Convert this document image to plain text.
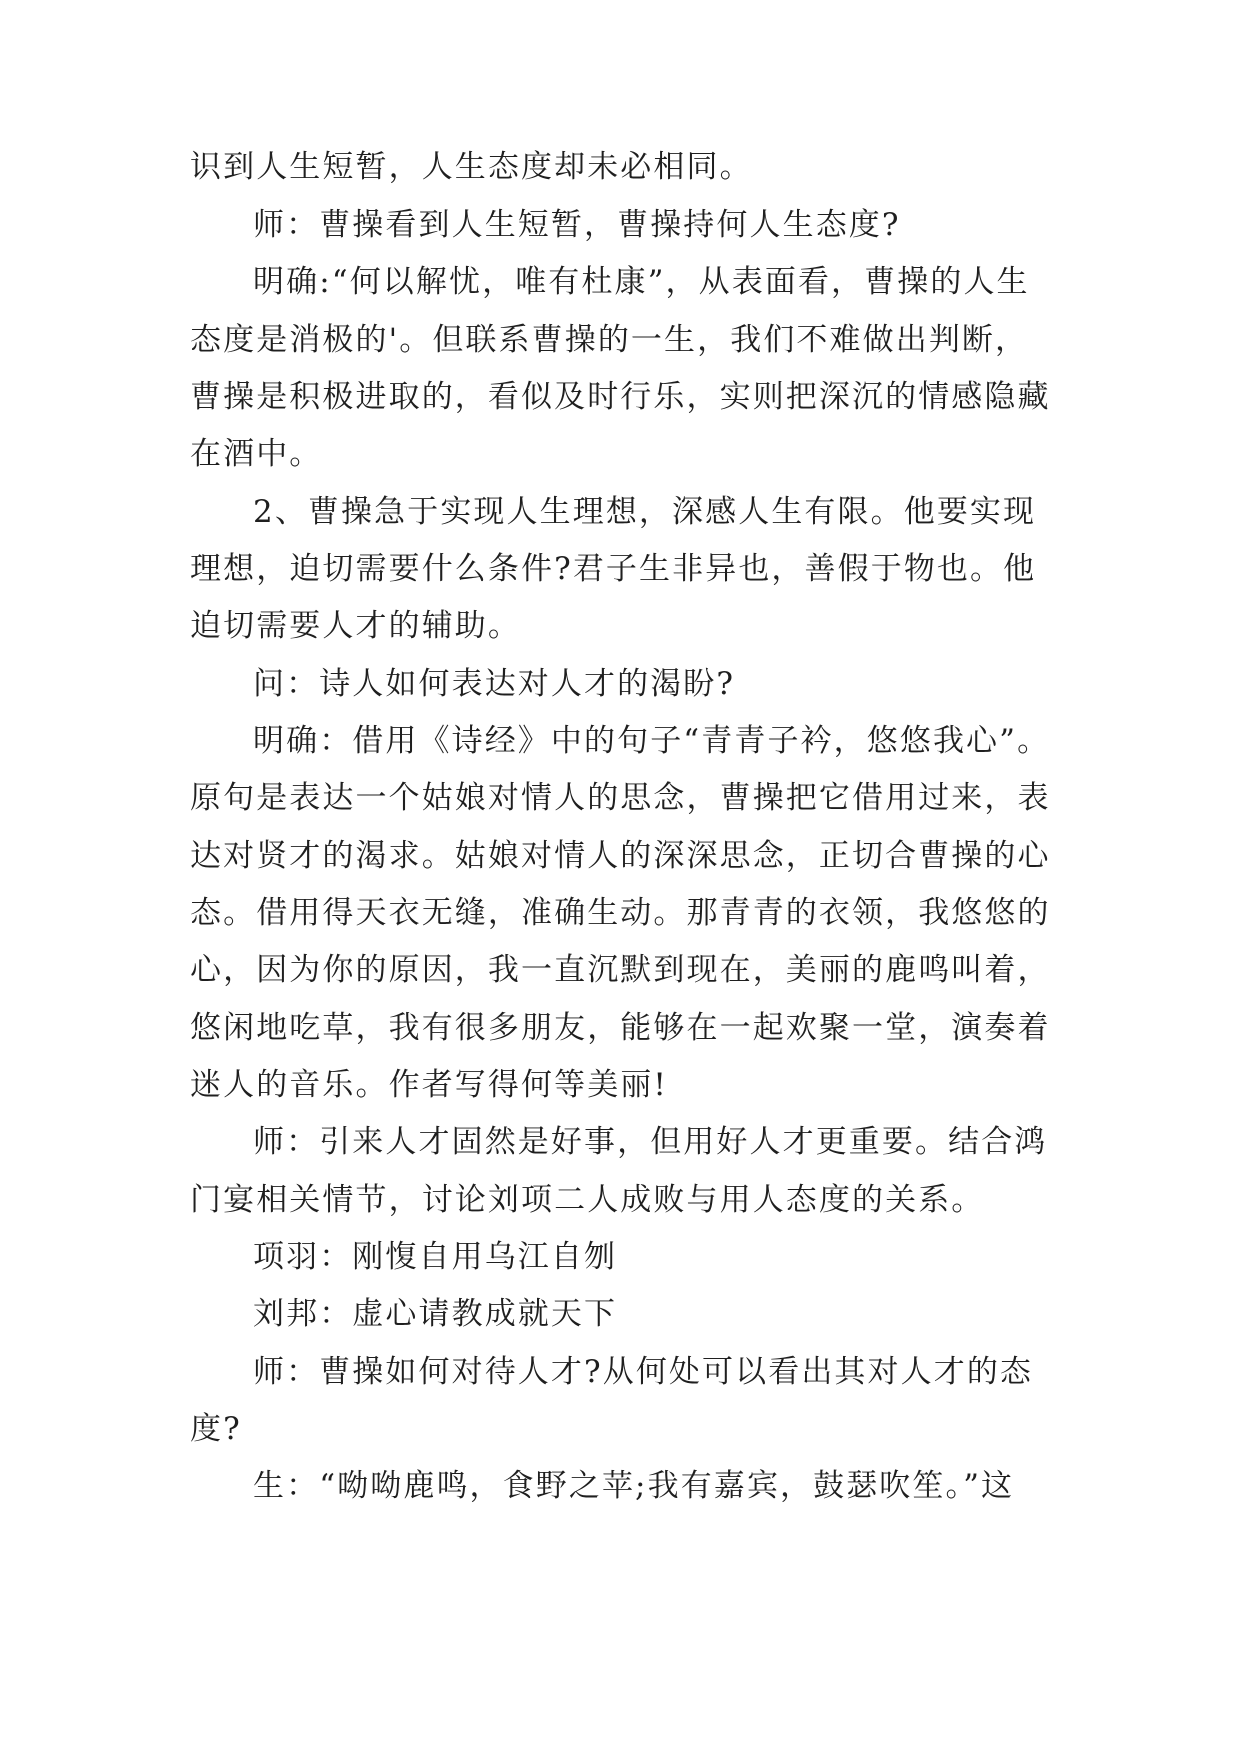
识到人生短暂，人生态度却未必相同。

师：曹操看到人生短暂，曹操持何人生态度?

明确:“何以解忧，唯有杜康”，从表面看，曹操的人生

态度是消极的'。但联系曹操的一生，我们不难做出判断，

曹操是积极进取的，看似及时行乐，实则把深沉的情感隐藏

在酒中。

2、曹操急于实现人生理想，深感人生有限。他要实现

理想，迫切需要什么条件?君子生非异也，善假于物也。他

迫切需要人才的辅助。

问：诗人如何表达对人才的渴盼?

明确：借用《诗经》中的句子“青青子衿，悠悠我心”。

原句是表达一个姑娘对情人的思念，曹操把它借用过来，表

达对贤才的渴求。姑娘对情人的深深思念，正切合曹操的心

态。借用得天衣无缝，准确生动。那青青的衣领，我悠悠的

心，因为你的原因，我一直沉默到现在，美丽的鹿鸣叫着，

悠闲地吃草，我有很多朋友，能够在一起欢聚一堂，演奏着

迷人的音乐。作者写得何等美丽!

师：引来人才固然是好事，但用好人才更重要。结合鸿

门宴相关情节，讨论刘项二人成败与用人态度的关系。

项羽：刚愎自用乌江自刎

刘邦：虚心请教成就天下

师：曹操如何对待人才?从何处可以看出其对人才的态

度?

生：“呦呦鹿鸣，食野之苹;我有嘉宾，鼓瑟吹笙。”这
